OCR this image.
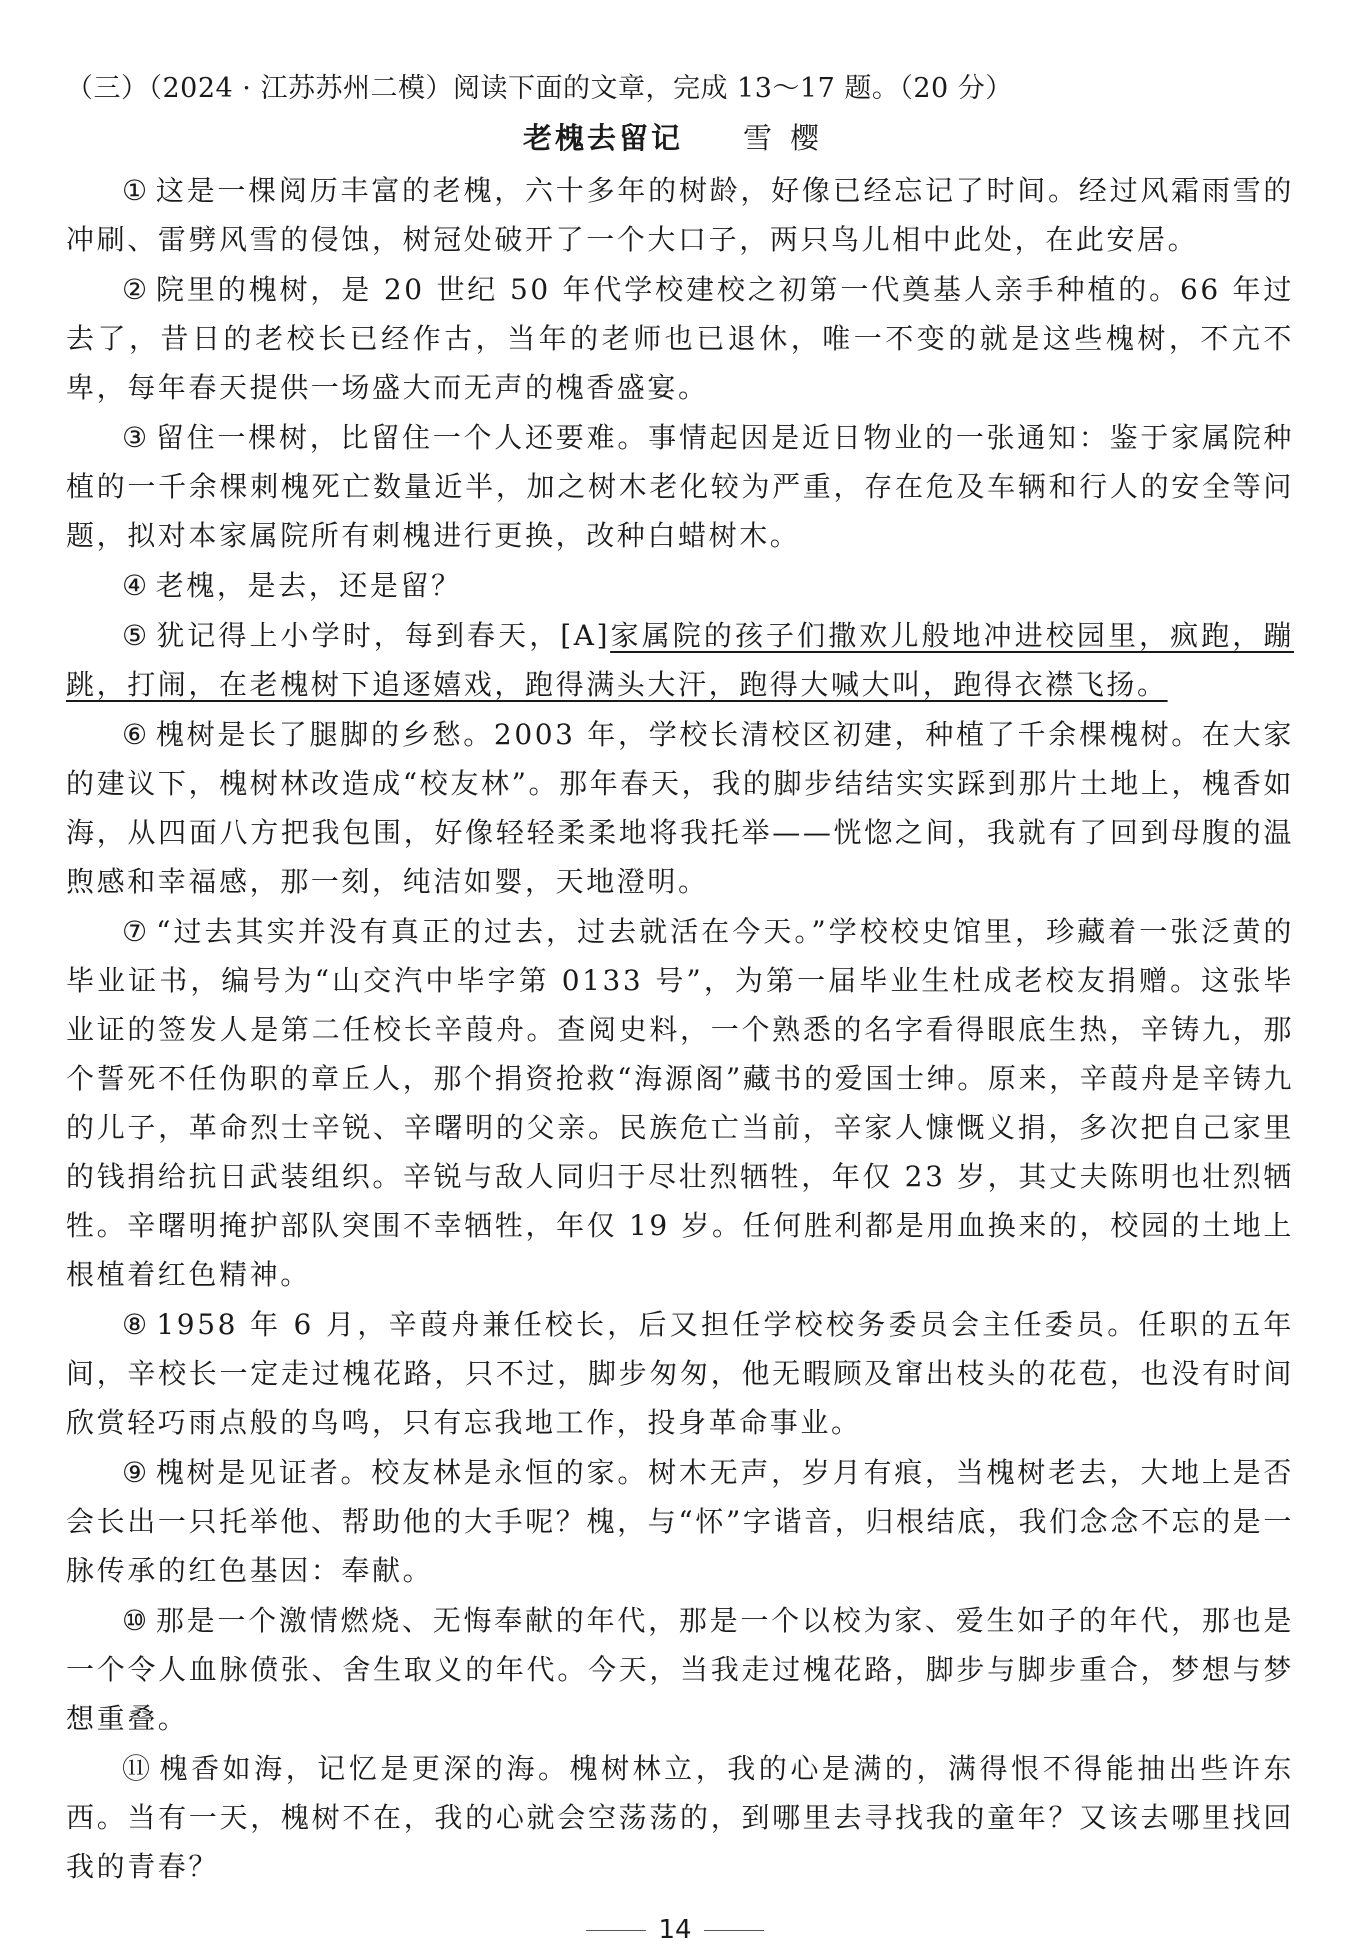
（三）（2024 · 江苏苏州二模）阅读下面的文章，完成 13～17 题。（20 分）
老槐去留记 雪樱

① 这是一棵阅历丰富的老槐，六十多年的树龄，好像已经忘记了时间。经过风霜雨雪的冲刷、雷劈风雪的侵蚀，树冠处破开了一个大口子，两只鸟儿相中此处，在此安居。

② 院里的槐树，是 20 世纪 50 年代学校建校之初第一代奠基人亲手种植的。66 年过去了，昔日的老校长已经作古，当年的老师也已退休，唯一不变的就是这些槐树，不亢不卑，每年春天提供一场盛大而无声的槐香盛宴。

③ 留住一棵树，比留住一个人还要难。事情起因是近日物业的一张通知：鉴于家属院种植的一千余棵刺槐死亡数量近半，加之树木老化较为严重，存在危及车辆和行人的安全等问题，拟对本家属院所有刺槐进行更换，改种白蜡树木。

④ 老槐，是去，还是留？

⑤ 犹记得上小学时，每到春天，[A]家属院的孩子们撒欢儿般地冲进校园里，疯跑，蹦跳，打闹，在老槐树下追逐嬉戏，跑得满头大汗，跑得大喊大叫，跑得衣襟飞扬。

⑥ 槐树是长了腿脚的乡愁。2003 年，学校长清校区初建，种植了千余棵槐树。在大家的建议下，槐树林改造成“校友林”。那年春天，我的脚步结结实实踩到那片土地上，槐香如海，从四面八方把我包围，好像轻轻柔柔地将我托举——恍惚之间，我就有了回到母腹的温煦感和幸福感，那一刻，纯洁如婴，天地澄明。

⑦ “过去其实并没有真正的过去，过去就活在今天。”学校校史馆里，珍藏着一张泛黄的毕业证书，编号为“山交汽中毕字第 0133 号”，为第一届毕业生杜成老校友捐赠。这张毕业证的签发人是第二任校长辛葭舟。查阅史料，一个熟悉的名字看得眼底生热，辛铸九，那个誓死不任伪职的章丘人，那个捐资抢救“海源阁”藏书的爱国士绅。原来，辛葭舟是辛铸九的儿子，革命烈士辛锐、辛曙明的父亲。民族危亡当前，辛家人慷慨义捐，多次把自己家里的钱捐给抗日武装组织。辛锐与敌人同归于尽壮烈牺牲，年仅 23 岁，其丈夫陈明也壮烈牺牲。辛曙明掩护部队突围不幸牺牲，年仅 19 岁。任何胜利都是用血换来的，校园的土地上根植着红色精神。

⑧ 1958 年 6 月，辛葭舟兼任校长，后又担任学校校务委员会主任委员。任职的五年间，辛校长一定走过槐花路，只不过，脚步匆匆，他无暇顾及窜出枝头的花苞，也没有时间欣赏轻巧雨点般的鸟鸣，只有忘我地工作，投身革命事业。

⑨ 槐树是见证者。校友林是永恒的家。树木无声，岁月有痕，当槐树老去，大地上是否会长出一只托举他、帮助他的大手呢？槐，与“怀”字谐音，归根结底，我们念念不忘的是一脉传承的红色基因：奉献。

⑩ 那是一个激情燃烧、无悔奉献的年代，那是一个以校为家、爱生如子的年代，那也是一个令人血脉偾张、舍生取义的年代。今天，当我走过槐花路，脚步与脚步重合，梦想与梦想重叠。

⑪ 槐香如海，记忆是更深的海。槐树林立，我的心是满的，满得恨不得能抽出些许东西。当有一天，槐树不在，我的心就会空荡荡的，到哪里去寻找我的童年？又该去哪里找回我的青春？

14
